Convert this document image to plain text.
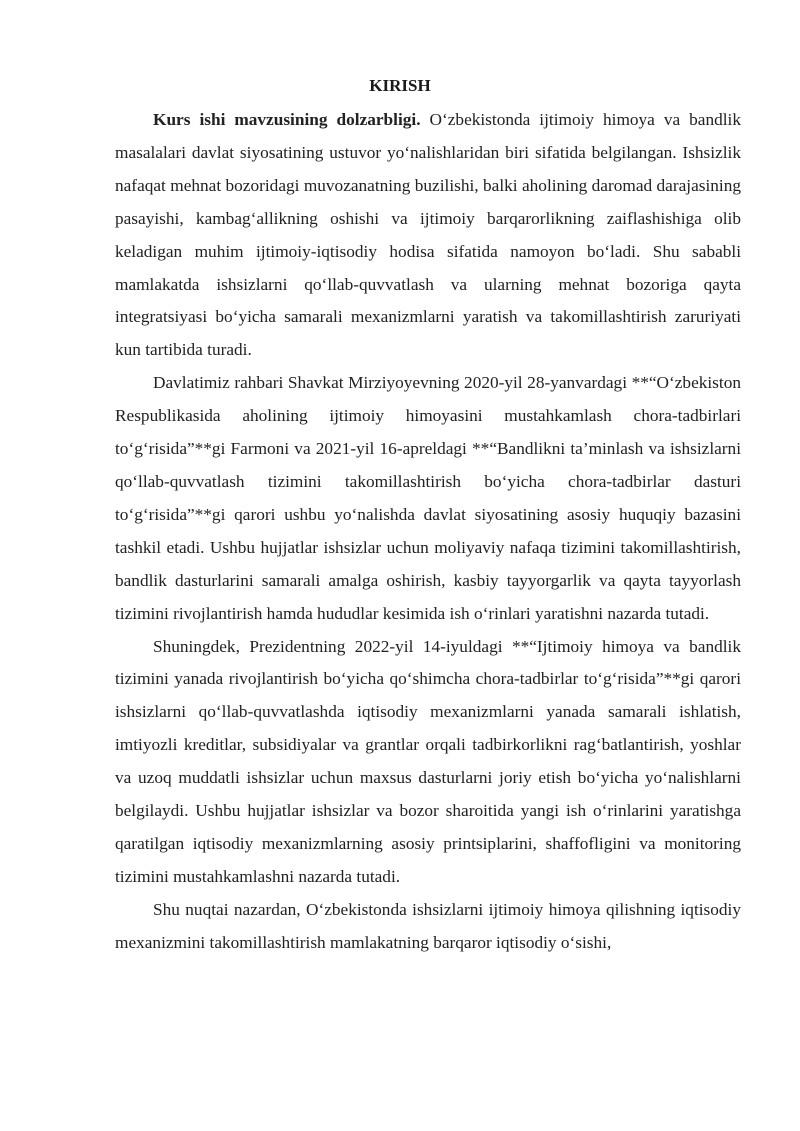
KIRISH

Kurs ishi mavzusining dolzarbligi. O‘zbekistonda ijtimoiy himoya va bandlik masalalari davlat siyosatining ustuvor yo‘nalishlaridan biri sifatida belgilangan. Ishsizlik nafaqat mehnat bozoridagi muvozanatning buzilishi, balki aholining daromad darajasining pasayishi, kambag‘allikning oshishi va ijtimoiy barqarorlikning zaiflashishiga olib keladigan muhim ijtimoiy-iqtisodiy hodisa sifatida namoyon bo‘ladi. Shu sababli mamlakatda ishsizlarni qo‘llab-quvvatlash va ularning mehnat bozoriga qayta integratsiyasi bo‘yicha samarali mexanizmlarni yaratish va takomillashtirish zaruriyati kun tartibida turadi.

Davlatimiz rahbari Shavkat Mirziyoyevning 2020-yil 28-yanvardagi **“O‘zbekiston Respublikasida aholining ijtimoiy himoyasini mustahkamlash chora-tadbirlari to‘g‘risida”**gi Farmoni va 2021-yil 16-apreldagi **“Bandlikni ta’minlash va ishsizlarni qo‘llab-quvvatlash tizimini takomillashtirish bo‘yicha chora-tadbirlar dasturi to‘g‘risida”**gi qarori ushbu yo‘nalishda davlat siyosatining asosiy huquqiy bazasini tashkil etadi. Ushbu hujjatlar ishsizlar uchun moliyaviy nafaqa tizimini takomillashtirish, bandlik dasturlarini samarali amalga oshirish, kasbiy tayyorgarlik va qayta tayyorlash tizimini rivojlantirish hamda hududlar kesimida ish o‘rinlari yaratishni nazarda tutadi.

Shuningdek, Prezidentning 2022-yil 14-iyuldagi **“Ijtimoiy himoya va bandlik tizimini yanada rivojlantirish bo‘yicha qo‘shimcha chora-tadbirlar to‘g‘risida”**gi qarori ishsizlarni qo‘llab-quvvatlashda iqtisodiy mexanizmlarni yanada samarali ishlatish, imtiyozli kreditlar, subsidiyalar va grantlar orqali tadbirkorlikni rag‘batlantirish, yoshlar va uzoq muddatli ishsizlar uchun maxsus dasturlarni joriy etish bo‘yicha yo‘nalishlarni belgilaydi. Ushbu hujjatlar ishsizlar va bozor sharoitida yangi ish o‘rinlarini yaratishga qaratilgan iqtisodiy mexanizmlarning asosiy printsiplarini, shaffofligini va monitoring tizimini mustahkamlashni nazarda tutadi.

Shu nuqtai nazardan, O‘zbekistonda ishsizlarni ijtimoiy himoya qilishning iqtisodiy mexanizmini takomillashtirish mamlakatning barqaror iqtisodiy o‘sishi,
